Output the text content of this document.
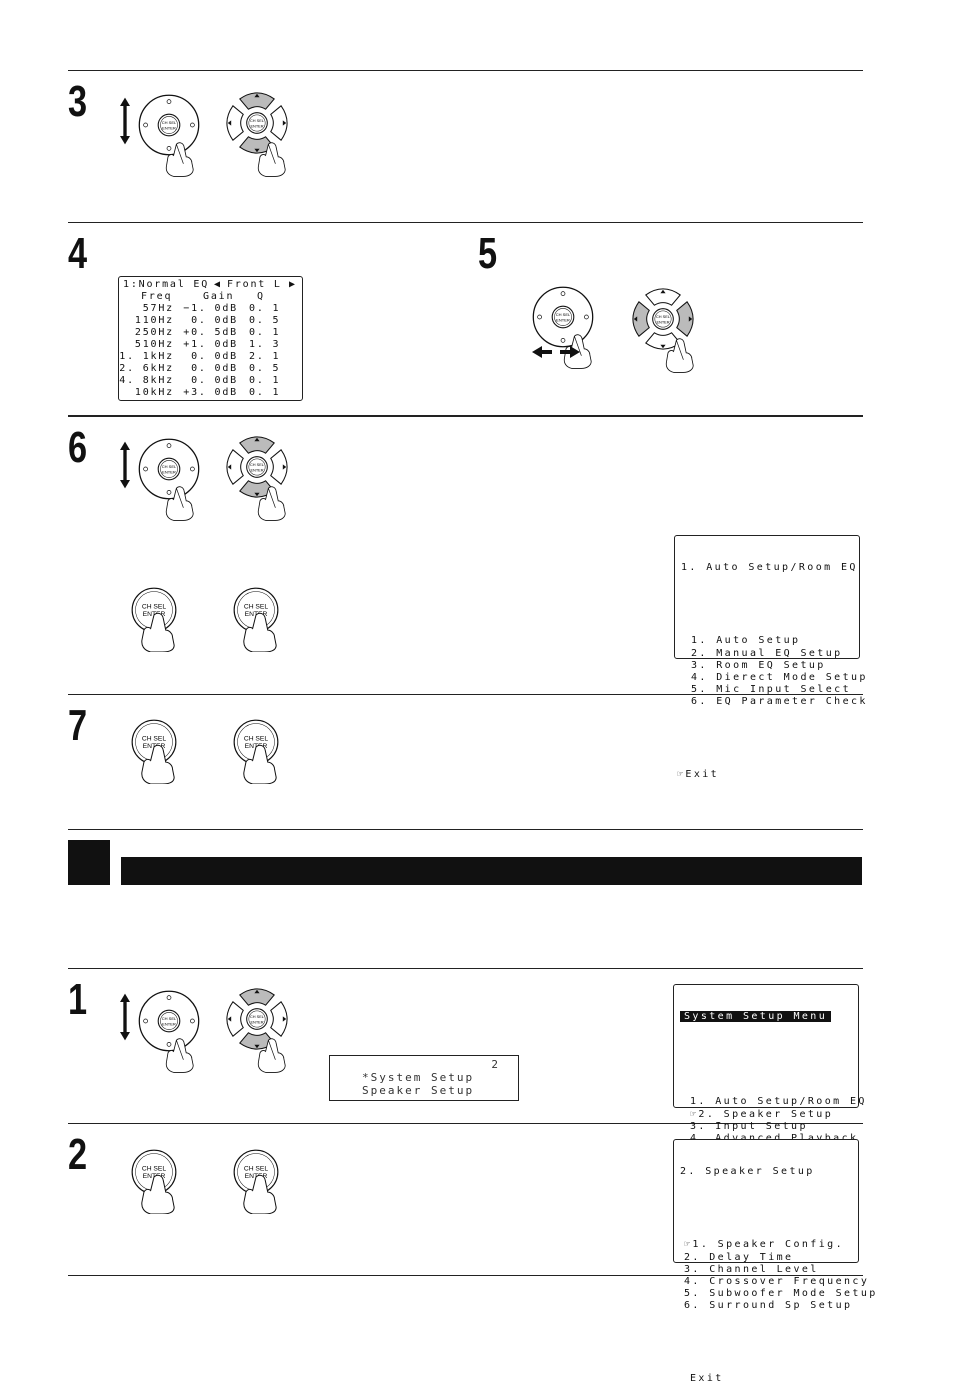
3
4	5
6
7
1
2
1:Normal EQ ◀ Front L ▶
Freq	Gain Q
57Hz −1. 0dB 0. 1
110Hz 0. 0dB 0. 5
250Hz +0. 5dB 0. 1
510Hz +1. 0dB 1. 3
1. 1kHz 0. 0dB 2. 1
2. 6kHz 0. 0dB 0. 5
4. 8kHz 0. 0dB 0. 1
10kHz +3. 0dB 0. 1

1. Auto Setup/Room EQ

1. Auto Setup
2. Manual EQ Setup
3. Room EQ Setup
4. Dierect Mode Setup
5. Mic Input Select
6. EQ Parameter Check

☞Exit

2
*System Setup
Speaker Setup

System Setup Menu

1. Auto Setup/Room EQ
☞2. Speaker Setup
3. Input Setup

2. Speaker Setup

☞1. Speaker Config.
2. Delay Time
3. Channel Level
4. Crossover Frequency
5. Subwoofer Mode Setup
6. Surround Sp Setup

Exit
